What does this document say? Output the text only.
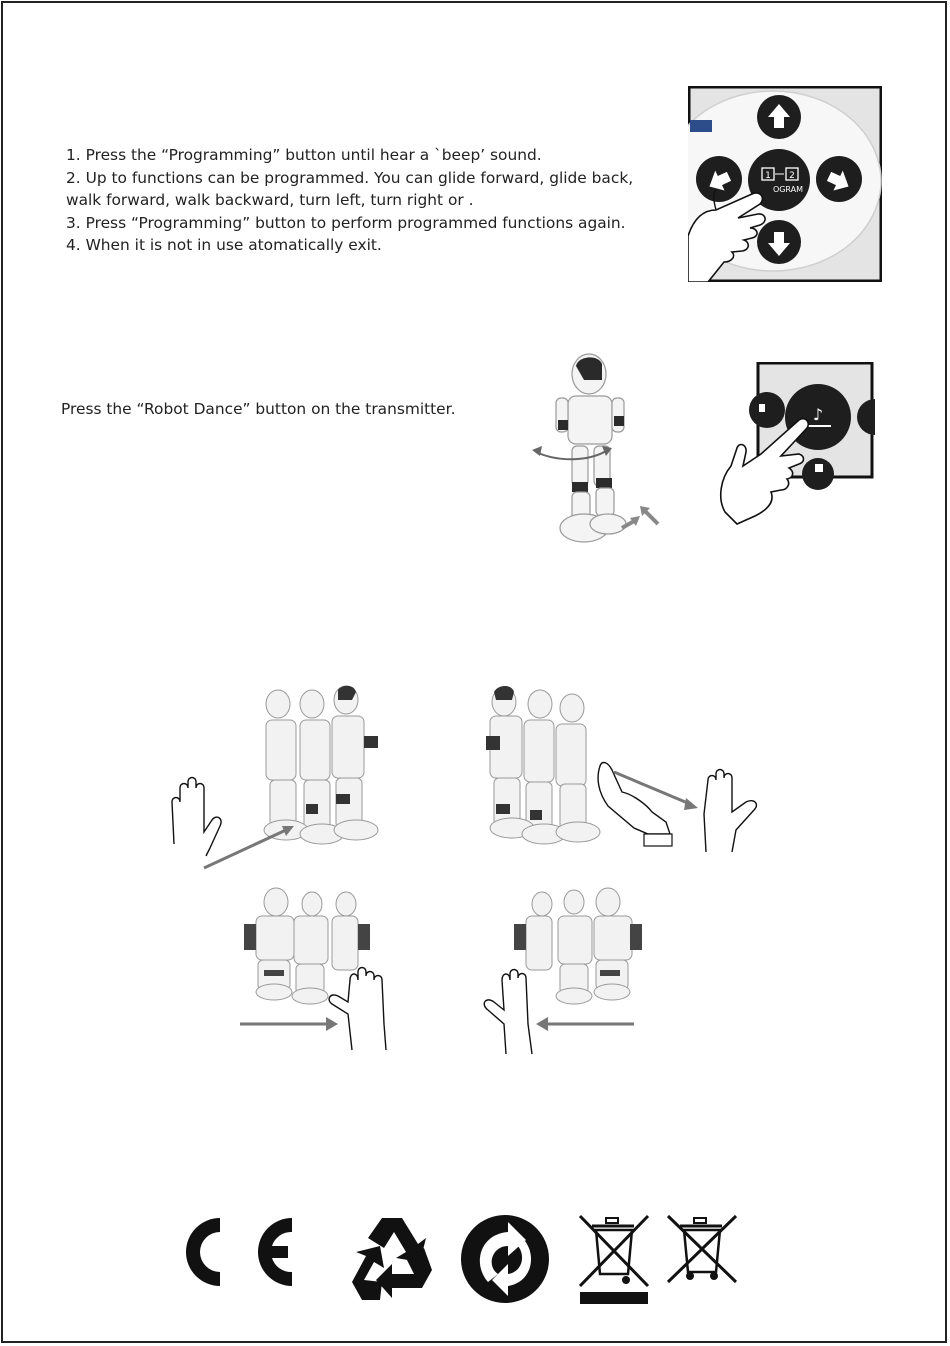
1. Press the “Programming” button until hear a `beep’ sound.
2. Up to functions can be programmed. You can glide forward, glide back,
walk forward, walk backward, turn left, turn right or .
3. Press “Programming” button to perform programmed functions again.
4. When it is not in use atomatically exit.
1 2
OGRAM
Press the “Robot Dance” button on the transmitter.	♪
